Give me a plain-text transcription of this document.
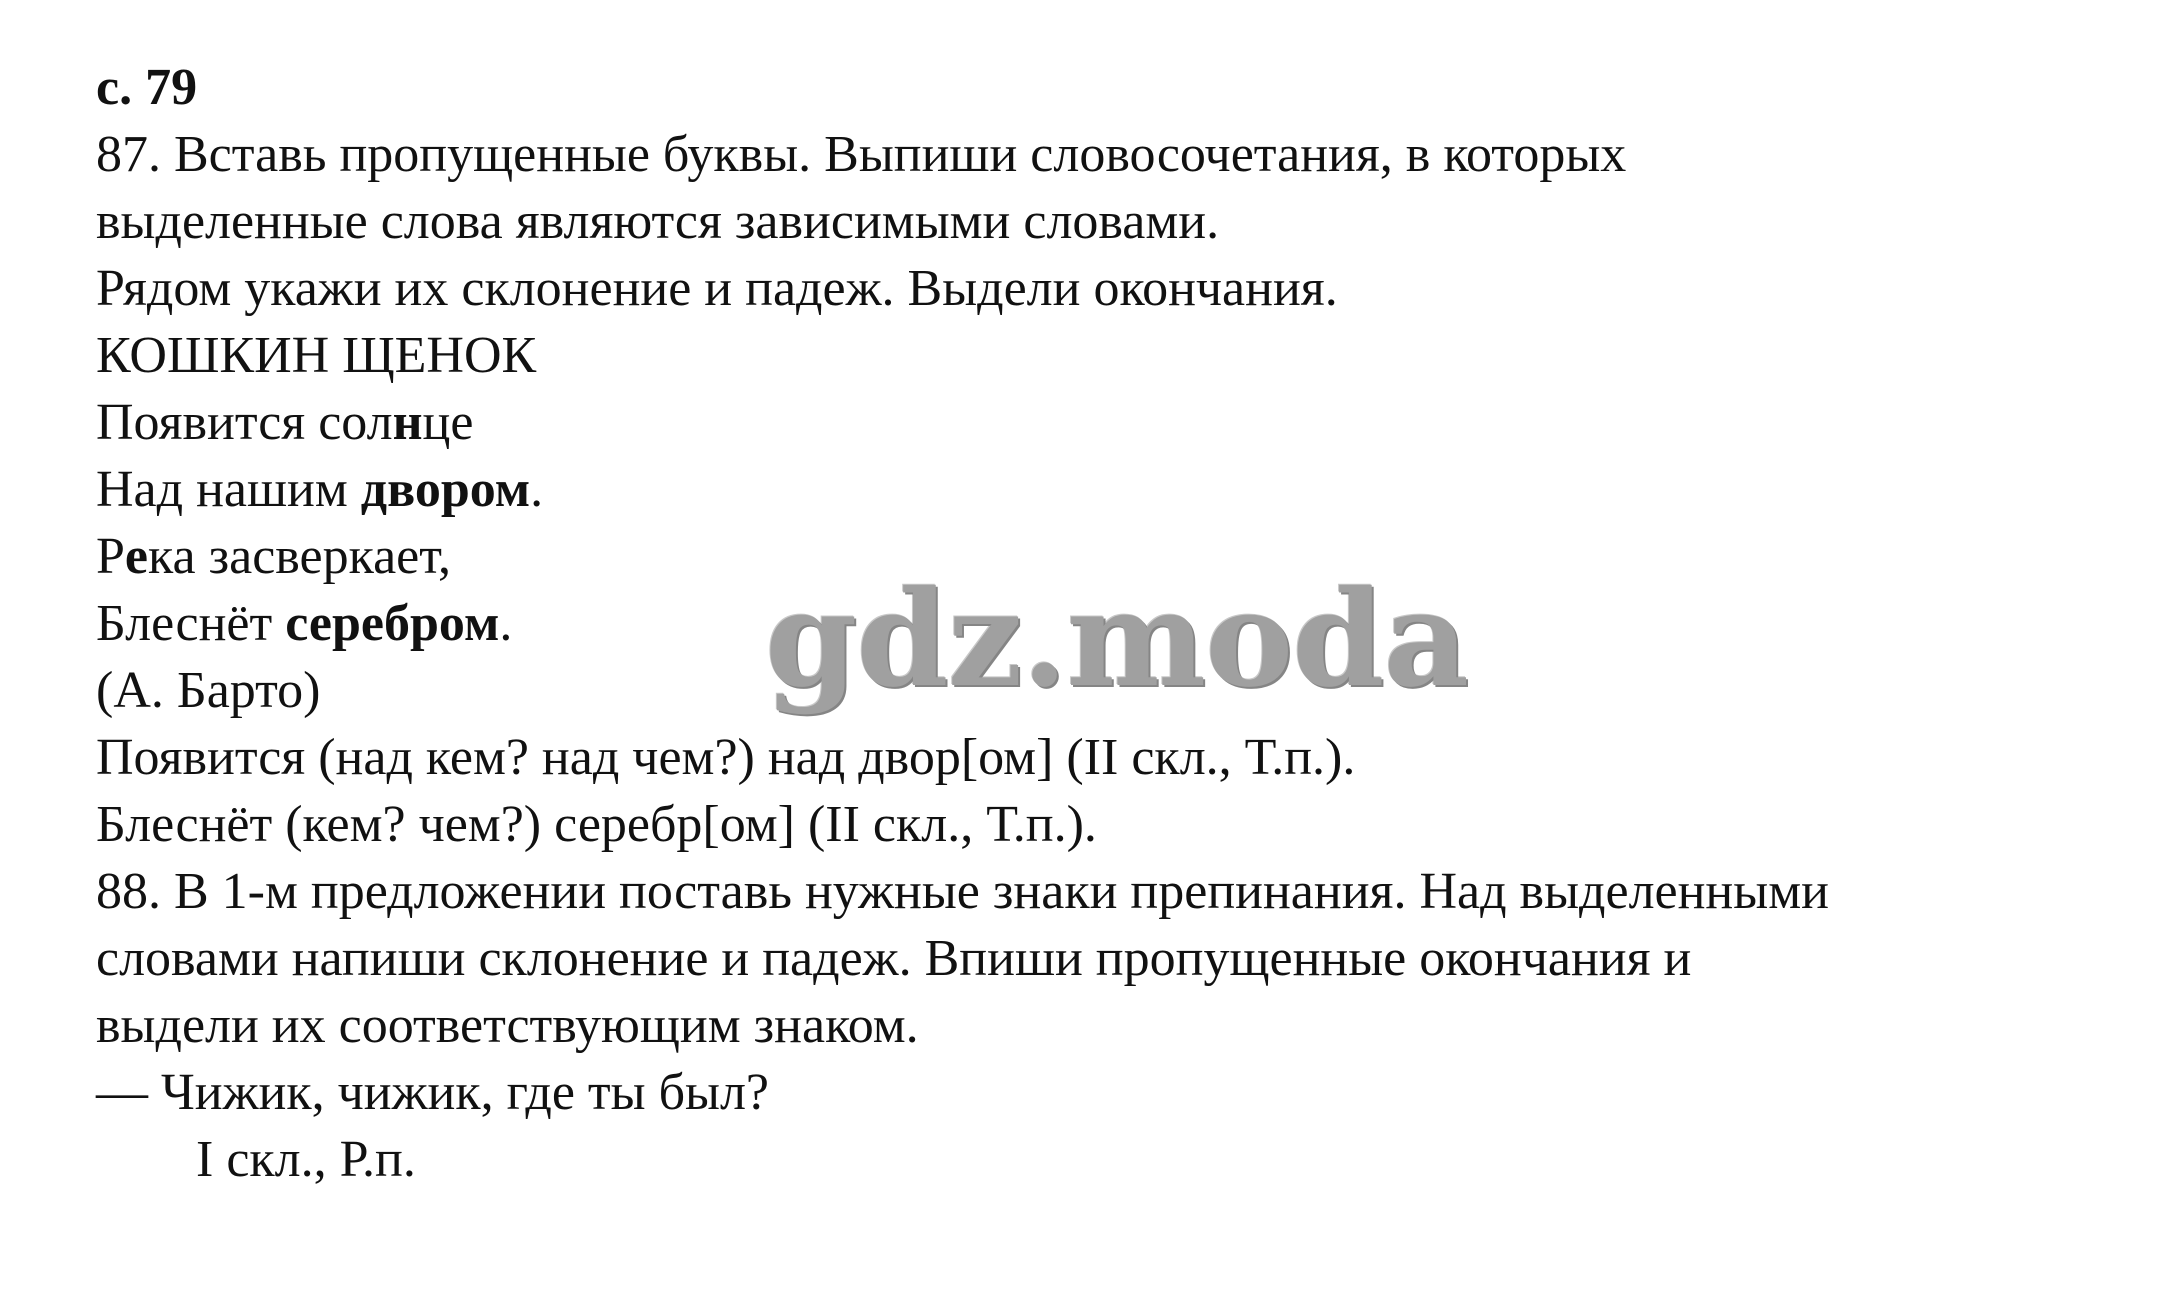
с. 79
87. Вставь пропущенные буквы. Выпиши словосочетания, в которых
выделенные слова являются зависимыми словами.
Рядом укажи их склонение и падеж. Выдели окончания.
КОШКИН ЩЕНОК
Появится солнце
Над нашим двором.
Река засверкает,
Блеснёт серебром.
(А. Барто)
Появится (над кем? над чем?) над двор[ом] (II скл., Т.п.).
Блеснёт (кем? чем?) серебр[ом] (II скл., Т.п.).
88. В 1-м предложении поставь нужные знаки препинания. Над выделенными
словами напиши склонение и падеж. Впиши пропущенные окончания и
выдели их соответствующим знаком.
— Чижик, чижик, где ты был?
I скл., Р.п.
gdz.moda
